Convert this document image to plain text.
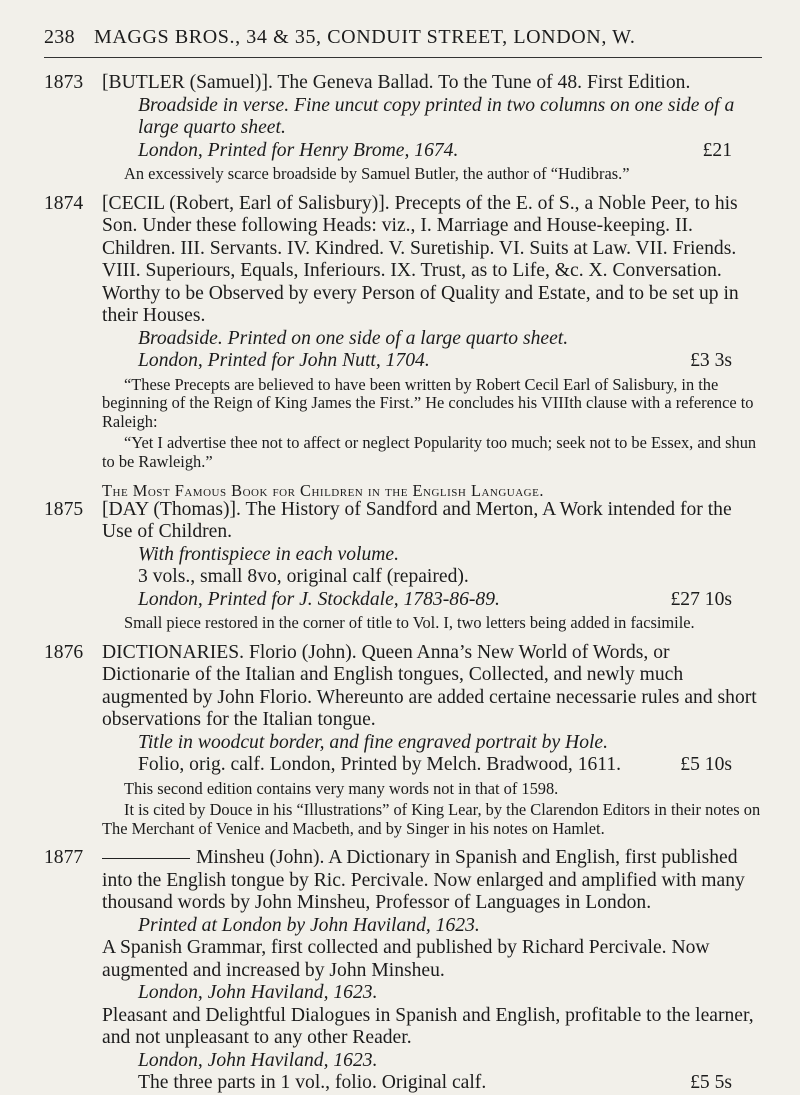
238 MAGGS BROS., 34 & 35, CONDUIT STREET, LONDON, W.
1873 [BUTLER (Samuel)]. The Geneva Ballad. To the Tune of 48. First Edition.
Broadside in verse. Fine uncut copy printed in two columns on one side of a large quarto sheet.
London, Printed for Henry Brome, 1674.	£21
An excessively scarce broadside by Samuel Butler, the author of “Hudibras.”
1874 [CECIL (Robert, Earl of Salisbury)]. Precepts of the E. of S., a Noble Peer, to his Son. Under these following Heads: viz., I. Marriage and House-keeping. II. Children. III. Servants. IV. Kindred. V. Suretiship. VI. Suits at Law. VII. Friends. VIII. Superiours, Equals, Inferiours. IX. Trust, as to Life, &c. X. Conversation. Worthy to be Observed by every Person of Quality and Estate, and to be set up in their Houses.
Broadside. Printed on one side of a large quarto sheet.
London, Printed for John Nutt, 1704.	£3 3s
“These Precepts are believed to have been written by Robert Cecil Earl of Salisbury, in the beginning of the Reign of King James the First.” He concludes his VIIIth clause with a reference to Raleigh:
“Yet I advertise thee not to affect or neglect Popularity too much; seek not to be Essex, and shun to be Rawleigh.”
The Most Famous Book for Children in the English Language.
1875 [DAY (Thomas)]. The History of Sandford and Merton, A Work intended for the Use of Children.
With frontispiece in each volume.
3 vols., small 8vo, original calf (repaired).
London, Printed for J. Stockdale, 1783-86-89.	£27 10s
Small piece restored in the corner of title to Vol. I, two letters being added in facsimile.
1876 DICTIONARIES. Florio (John). Queen Anna’s New World of Words, or Dictionarie of the Italian and English tongues, Collected, and newly much augmented by John Florio. Whereunto are added certaine necessarie rules and short observations for the Italian tongue.
Title in woodcut border, and fine engraved portrait by Hole.
Folio, orig. calf. London, Printed by Melch. Bradwood, 1611.	£5 10s
This second edition contains very many words not in that of 1598.
It is cited by Douce in his “Illustrations” of King Lear, by the Clarendon Editors in their notes on The Merchant of Venice and Macbeth, and by Singer in his notes on Hamlet.
1877	Minsheu (John). A Dictionary in Spanish and English, first published into the English tongue by Ric. Percivale. Now enlarged and amplified with many thousand words by John Minsheu, Professor of Languages in London.
Printed at London by John Haviland, 1623.
A Spanish Grammar, first collected and published by Richard Percivale. Now augmented and increased by John Minsheu.
London, John Haviland, 1623.
Pleasant and Delightful Dialogues in Spanish and English, profitable to the learner, and not unpleasant to any other Reader.
London, John Haviland, 1623.
The three parts in 1 vol., folio. Original calf.	£5 5s
